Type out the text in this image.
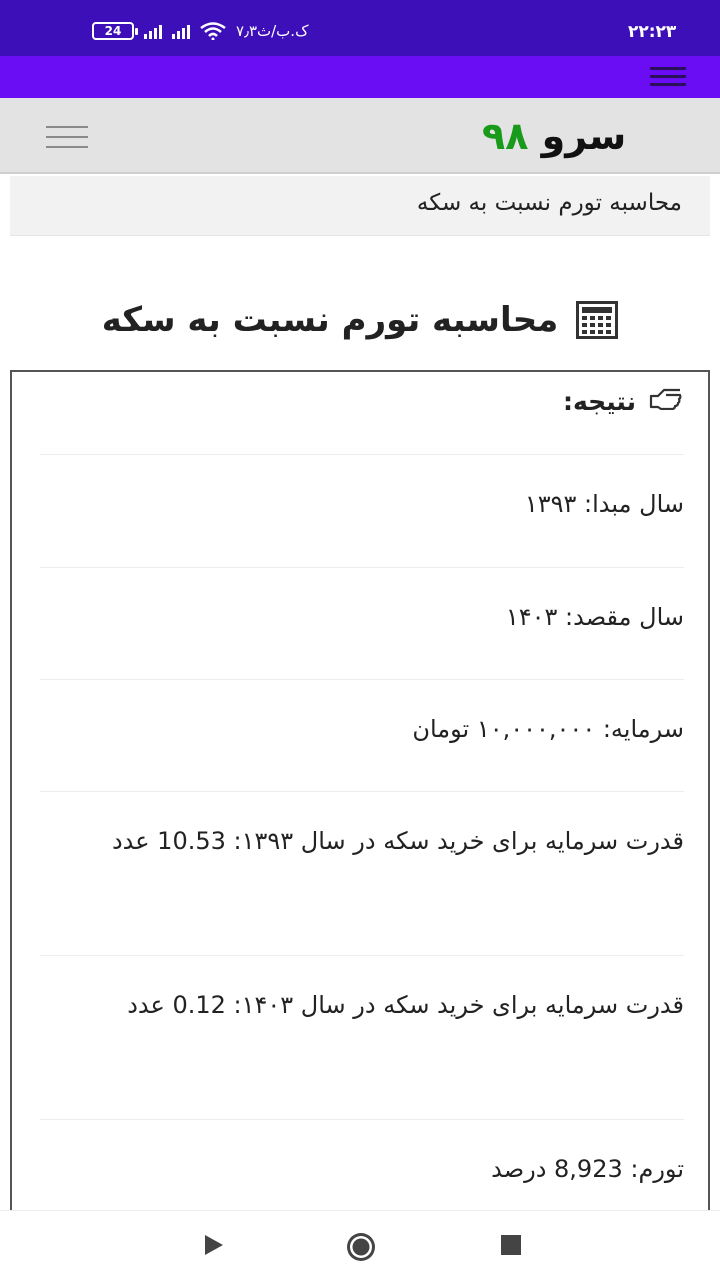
24	۷٫۳ک.ب/ث	۲۲:۲۳
سرو ۹۸
محاسبه تورم نسبت به سکه
محاسبه تورم نسبت به سکه
نتیجه:
سال مبدا: ۱۳۹۳
سال مقصد: ۱۴۰۳
سرمایه: ۱۰,۰۰۰,۰۰۰ تومان
قدرت سرمایه برای خرید سکه در سال ۱۳۹۳: 10.53 عدد
قدرت سرمایه برای خرید سکه در سال ۱۴۰۳: 0.12 عدد
تورم: 8,923 درصد
